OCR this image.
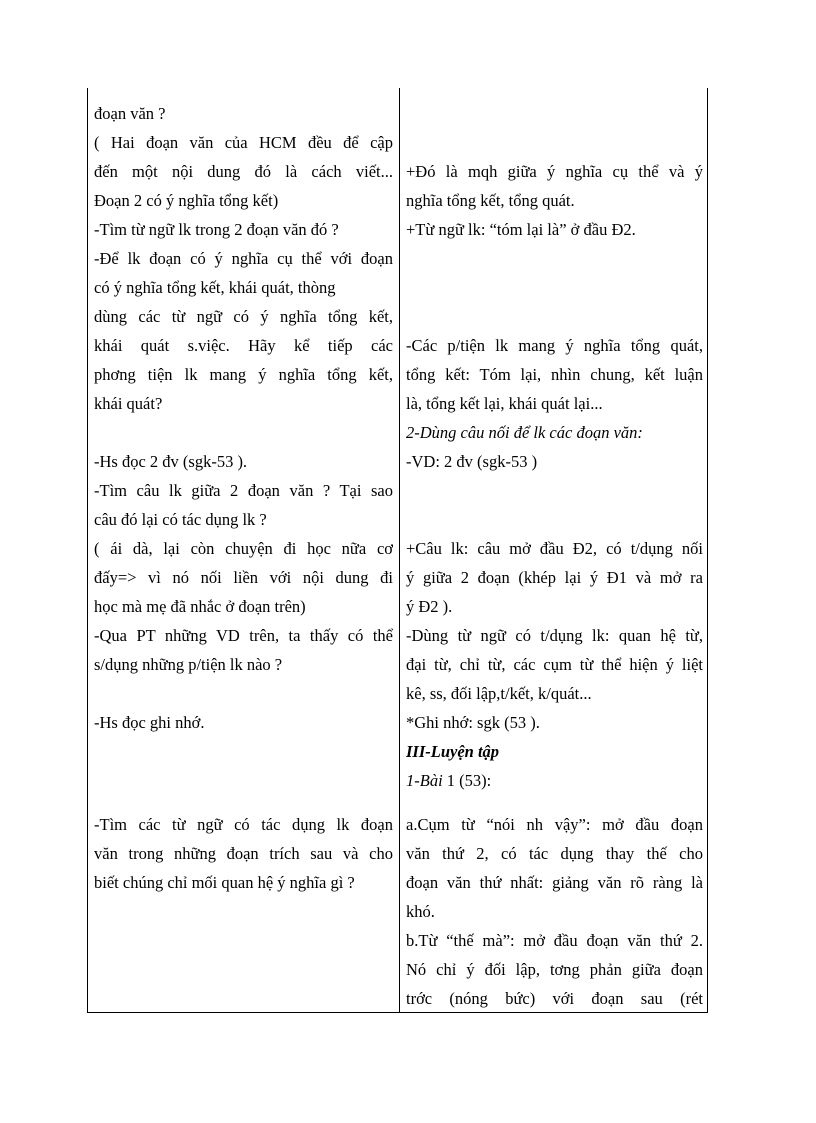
đoạn văn ?
( Hai đoạn văn của HCM đều để cập
đến một nội dung đó là cách viết...
Đoạn 2 có ý nghĩa tổng kết)
-Tìm từ ngữ lk trong 2 đoạn văn đó ?
-Để lk đoạn có ý nghĩa cụ thể với đoạn
có ý nghĩa tổng kết, khái quát, thòng
dùng các từ ngữ có ý nghĩa tổng kết,
khái quát s.việc. Hãy kể tiếp các
phơng tiện lk mang ý nghĩa tổng kết,
khái quát?
-Hs đọc 2 đv (sgk-53 ).
-Tìm câu lk giữa 2 đoạn văn ? Tại sao
câu đó lại có tác dụng lk ?
( ái dà, lại còn chuyện đi học nữa cơ
đấy=> vì nó nối liền với nội dung đi
học mà mẹ đã nhắc ở đoạn trên)
-Qua PT những VD trên, ta thấy có thể
s/dụng những p/tiện lk nào ?
-Hs đọc ghi nhớ.
-Tìm các từ ngữ có tác dụng lk đoạn
văn trong những đoạn trích sau và cho
biết chúng chỉ mối quan hệ ý nghĩa gì ?
1-Bài 1 (53):
+Đó là mqh giữa ý nghĩa cụ thể và ý
nghĩa tổng kết, tổng quát.
+Từ ngữ lk: “tóm lại là” ở đầu Đ2.
-Các p/tiện lk mang ý nghĩa tổng quát,
tổng kết: Tóm lại, nhìn chung, kết luận
là, tổng kết lại, khái quát lại...
2-Dùng câu nối để lk các đoạn văn:
-VD: 2 đv (sgk-53 )
+Câu lk: câu mở đầu Đ2, có t/dụng nối
ý giữa 2 đoạn (khép lại ý Đ1 và mở ra
ý Đ2 ).
-Dùng từ ngữ có t/dụng lk: quan hệ từ,
đại từ, chỉ từ, các cụm từ thể hiện ý liệt
kê, ss, đối lập,t/kết, k/quát...
*Ghi nhớ: sgk (53 ).
III-Luyện tập
a.Cụm từ “nói nh vậy”: mở đầu đoạn
văn thứ 2, có tác dụng thay thế cho
đoạn văn thứ nhất: giảng văn rõ ràng là
khó.
b.Từ “thế mà”: mở đầu đoạn văn thứ 2.
Nó chỉ ý đối lập, tơng phản giữa đoạn
trớc (nóng bức) với đoạn sau (rét
